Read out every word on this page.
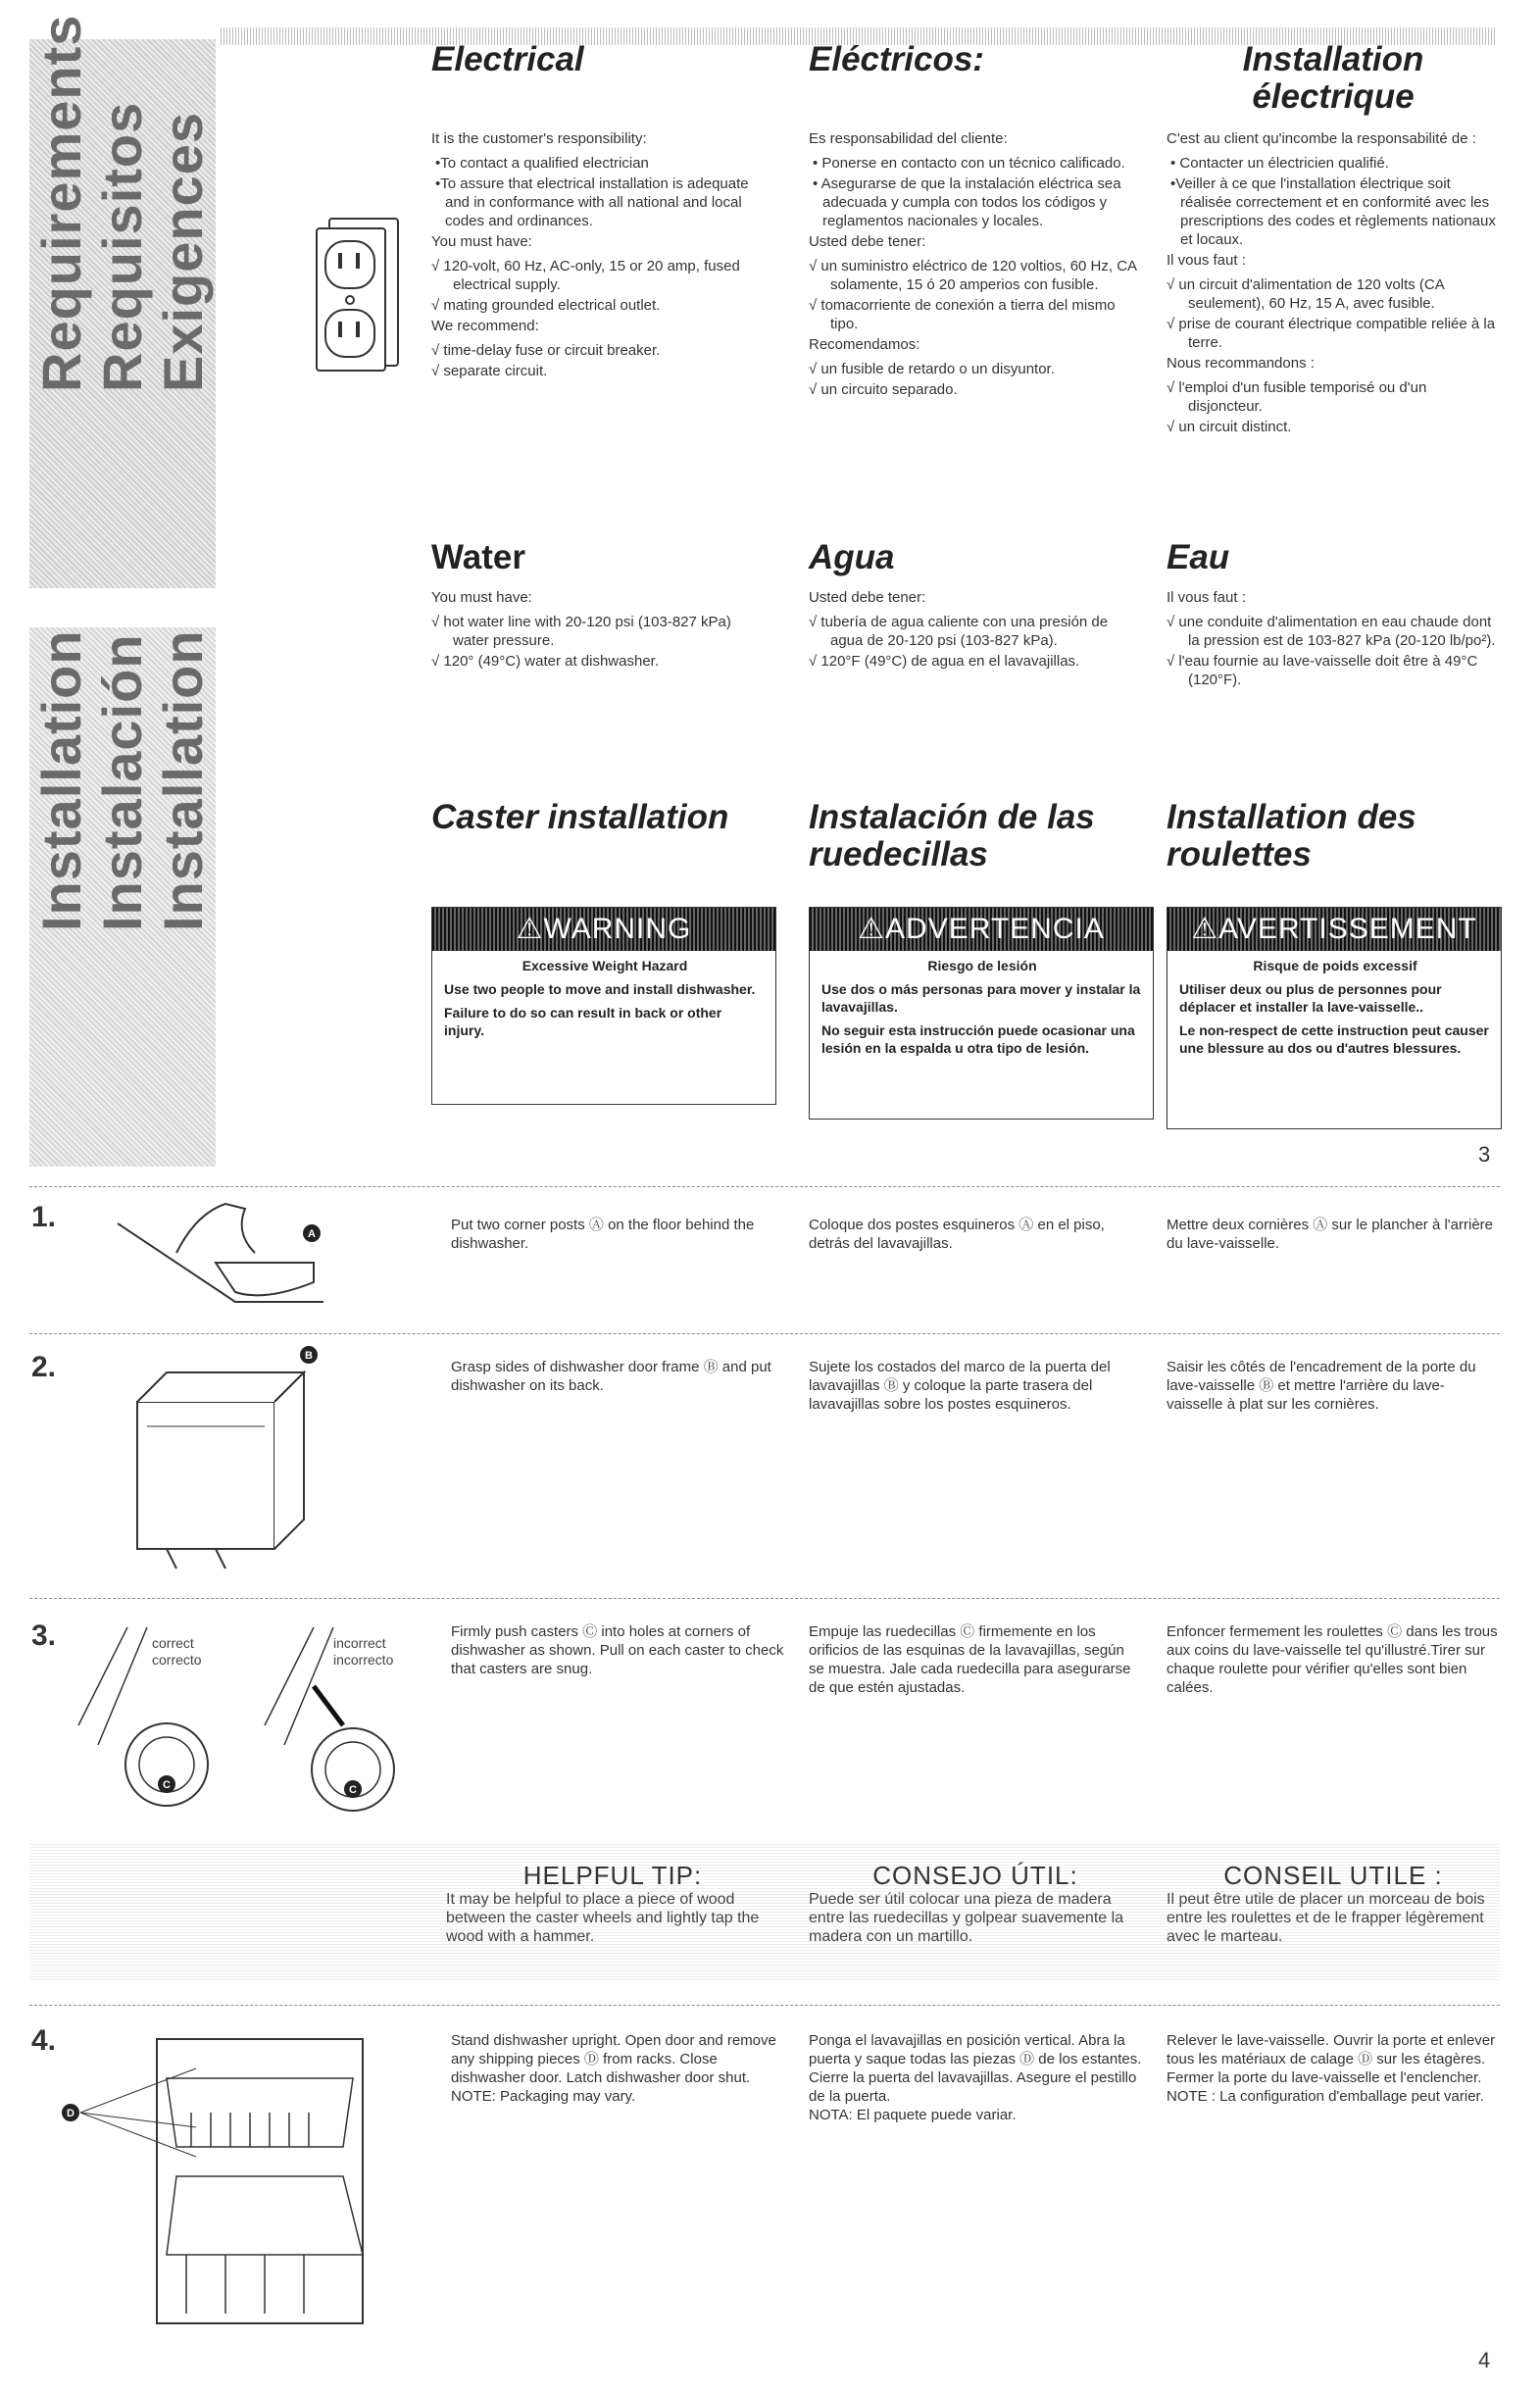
Requirements Requisitos Exigences
Installation Instalación Installation
Electrical	Eléctricos:	Installation électrique

It is the customer's responsibility:

•To contact a qualified electrician
•To assure that electrical installation is adequate and in conformance with all national and local codes and ordinances.

You must have:

√ 120-volt, 60 Hz, AC-only, 15 or 20 amp, fused electrical supply.
√ mating grounded electrical outlet.

We recommend:

√ time-delay fuse or circuit breaker.
√ separate circuit.

Es responsabilidad del cliente:

• Ponerse en contacto con un técnico calificado.
• Asegurarse de que la instalación eléctrica sea adecuada y cumpla con todos los códigos y reglamentos nacionales y locales.

Usted debe tener:

√ un suministro eléctrico de 120 voltios, 60 Hz, CA solamente, 15 ó 20 amperios con fusible.
√ tomacorriente de conexión a tierra del mismo tipo.

Recomendamos:

√ un fusible de retardo o un disyuntor.
√ un circuito separado.

C'est au client qu'incombe la responsabilité de :

• Contacter un électricien qualifié.
•Veiller à ce que l'installation électrique soit réalisée correctement et en conformité avec les prescriptions des codes et règlements nationaux et locaux.

Il vous faut :

√ un circuit d'alimentation de 120 volts (CA seulement), 60 Hz, 15 A, avec fusible.
√ prise de courant électrique compatible reliée à la terre.

Nous recommandons :

√ l'emploi d'un fusible temporisé ou d'un disjoncteur.
√ un circuit distinct.
Water	Agua	Eau

You must have:

√ hot water line with 20-120 psi (103-827 kPa) water pressure.
√ 120° (49°C) water at dishwasher.

Usted debe tener:

√ tubería de agua caliente con una presión de agua de 20-120 psi (103-827 kPa).
√ 120°F (49°C) de agua en el lavavajillas.

Il vous faut :

√ une conduite d'alimentation en eau chaude dont la pression est de 103-827 kPa (20-120 lb/po²).
√ l'eau fournie au lave-vaisselle doit être à 49°C (120°F).
Caster installation	Instalación de las ruedecillas
Installation des roulettes
⚠WARNING
Excessive Weight Hazard

Use two people to move and install dishwasher.

Failure to do so can result in back or other injury.

⚠ADVERTENCIA
Riesgo de lesión

Use dos o más personas para mover y instalar la lavavajillas.

No seguir esta instrucción puede ocasionar una lesión en la espalda u otra tipo de lesión.

⚠AVERTISSEMENT
Risque de poids excessif

Utiliser deux ou plus de personnes pour déplacer et installer la lave-vaisselle..

Le non-respect de cette instruction peut causer une blessure au dos ou d'autres blessures.

3
1.
A
Put two corner posts Ⓐ on the floor behind the dishwasher.
Coloque dos postes esquineros Ⓐ en el piso, detrás del lavavajillas.
Mettre deux cornières Ⓐ sur le plancher à l'arrière du lave-vaisselle.
2.	B
Grasp sides of dishwasher door frame Ⓑ and put dishwasher on its back.
Sujete los costados del marco de la puerta del lavavajillas Ⓑ y coloque la parte trasera del lavavajillas sobre los postes esquineros.
Saisir les côtés de l'encadrement de la porte du lave-vaisselle Ⓑ et mettre l'arrière du lave-vaisselle à plat sur les cornières.
3.	correct
correcto
incorrect
incorrecto
C	C
Firmly push casters Ⓒ into holes at corners of dishwasher as shown. Pull on each caster to check that casters are snug.
Empuje las ruedecillas Ⓒ firmemente en los orificios de las esquinas de la lavavajillas, según se muestra. Jale cada ruedecilla para asegurarse de que estén ajustadas.
Enfoncer fermement les roulettes Ⓒ dans les trous aux coins du lave-vaisselle tel qu'illustré.Tirer sur chaque roulette pour vérifier qu'elles sont bien calées.
HELPFUL TIP:
It may be helpful to place a piece of wood between the caster wheels and lightly tap the wood with a hammer.
CONSEJO ÚTIL:
Puede ser útil colocar una pieza de madera entre las ruedecillas y golpear suavemente la madera con un martillo.
CONSEIL UTILE :
Il peut être utile de placer un morceau de bois entre les roulettes et de le frapper légèrement avec le marteau.
4.
D
Stand dishwasher upright. Open door and remove any shipping pieces Ⓓ from racks. Close dishwasher door. Latch dishwasher door shut.
NOTE: Packaging may vary.
Ponga el lavavajillas en posición vertical. Abra la puerta y saque todas las piezas Ⓓ de los estantes. Cierre la puerta del lavavajillas. Asegure el pestillo de la puerta.
NOTA: El paquete puede variar.
Relever le lave-vaisselle. Ouvrir la porte et enlever tous les matériaux de calage Ⓓ sur les étagères. Fermer la porte du lave-vaisselle et l'enclencher.
NOTE : La configuration d'emballage peut varier.
4
